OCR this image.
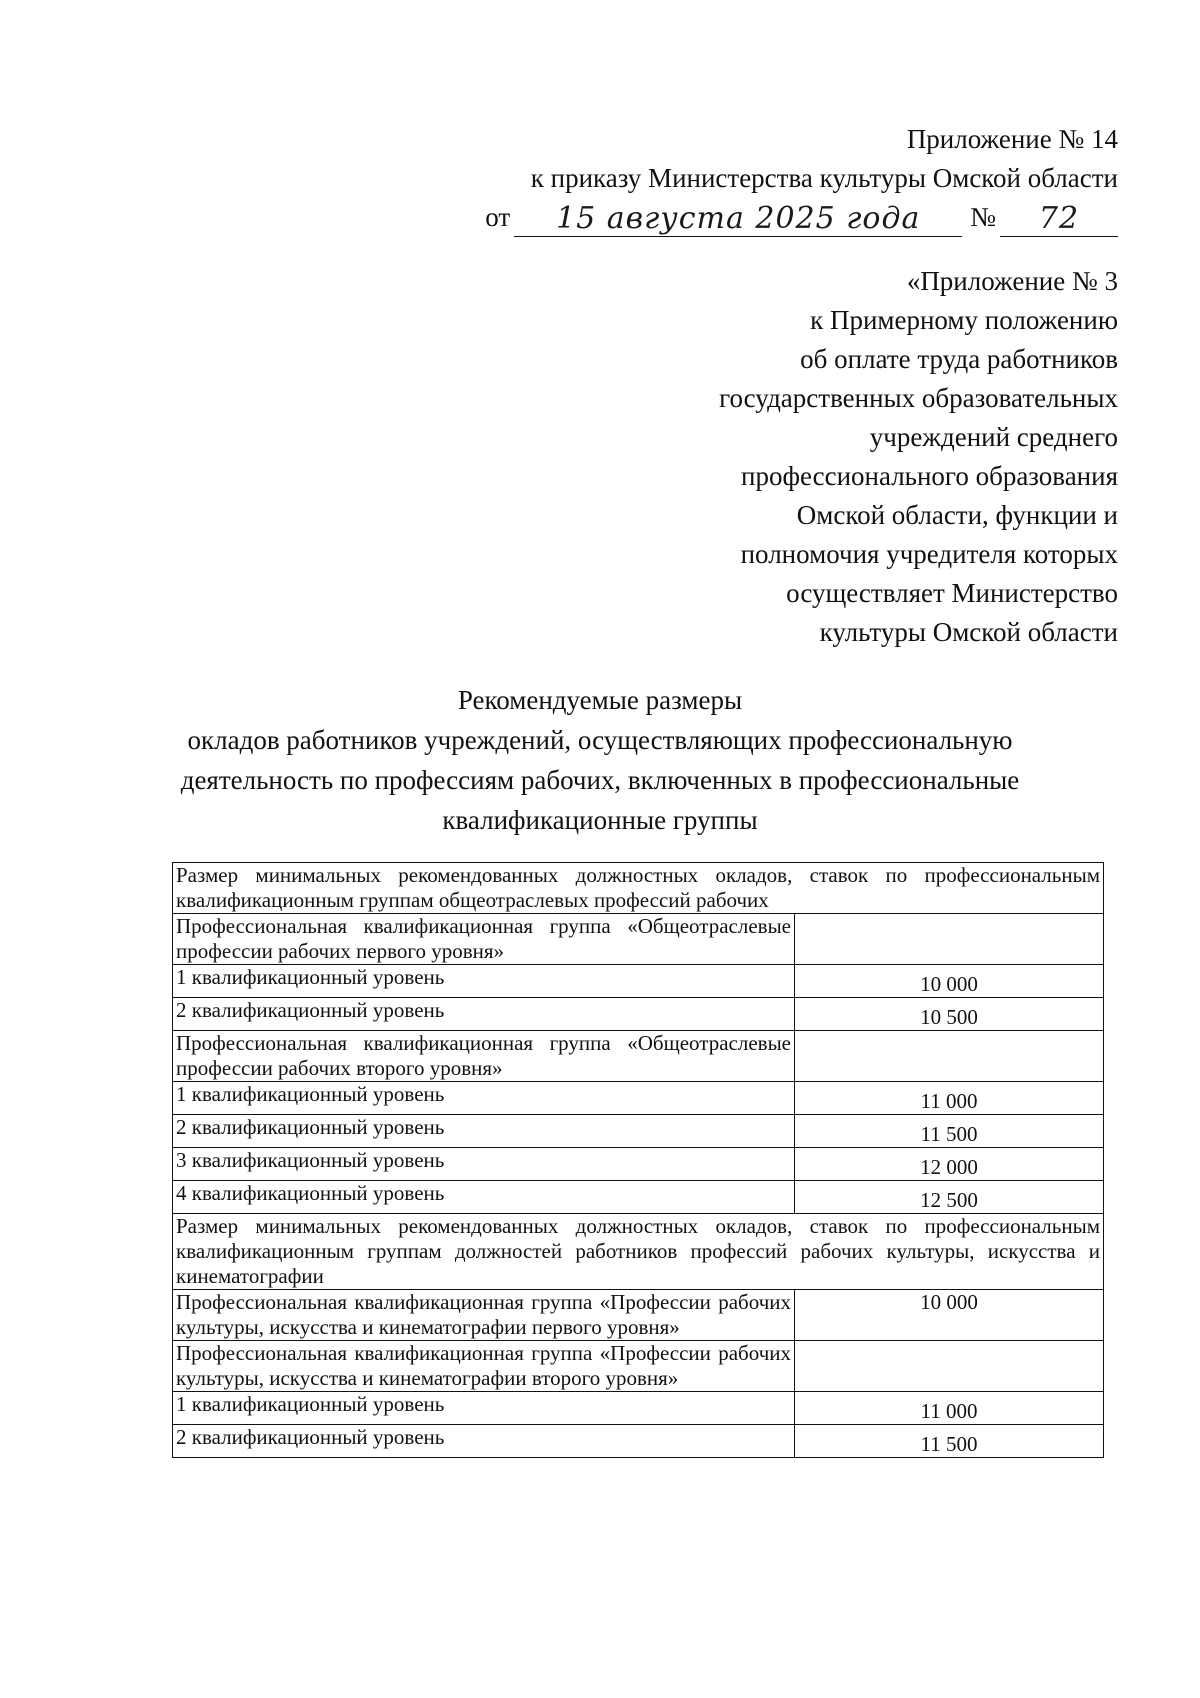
Приложение № 14
к приказу Министерства культуры Омской области
от	15 августа 2025 года	№	72
«Приложение № 3
к Примерному положению
об оплате труда работников
государственных образовательных
учреждений среднего
профессионального образования
Омской области, функции и
полномочия учредителя которых
осуществляет Министерство
культуры Омской области
Рекомендуемые размеры
окладов работников учреждений, осуществляющих профессиональную
деятельность по профессиям рабочих, включенных в профессиональные
квалификационные группы
Размер минимальных рекомендованных должностных окладов, ставок по профессиональным квалификационным группам общеотраслевых профессий рабочих	
Профессиональная квалификационная группа «Общеотраслевые профессии рабочих первого уровня»	
1 квалификационный уровень	10 000
2 квалификационный уровень	10 500
Профессиональная квалификационная группа «Общеотраслевые профессии рабочих второго уровня»	
1 квалификационный уровень	11 000
2 квалификационный уровень	11 500
3 квалификационный уровень	12 000
4 квалификационный уровень	12 500
Размер минимальных рекомендованных должностных окладов, ставок по профессиональным квалификационным группам должностей работников профессий рабочих культуры, искусства и кинематографии	
Профессиональная квалификационная группа «Профессии рабочих культуры, искусства и кинематографии первого уровня»	10 000
Профессиональная квалификационная группа «Профессии рабочих культуры, искусства и кинематографии второго уровня»	
1 квалификационный уровень	11 000
2 квалификационный уровень	11 500
